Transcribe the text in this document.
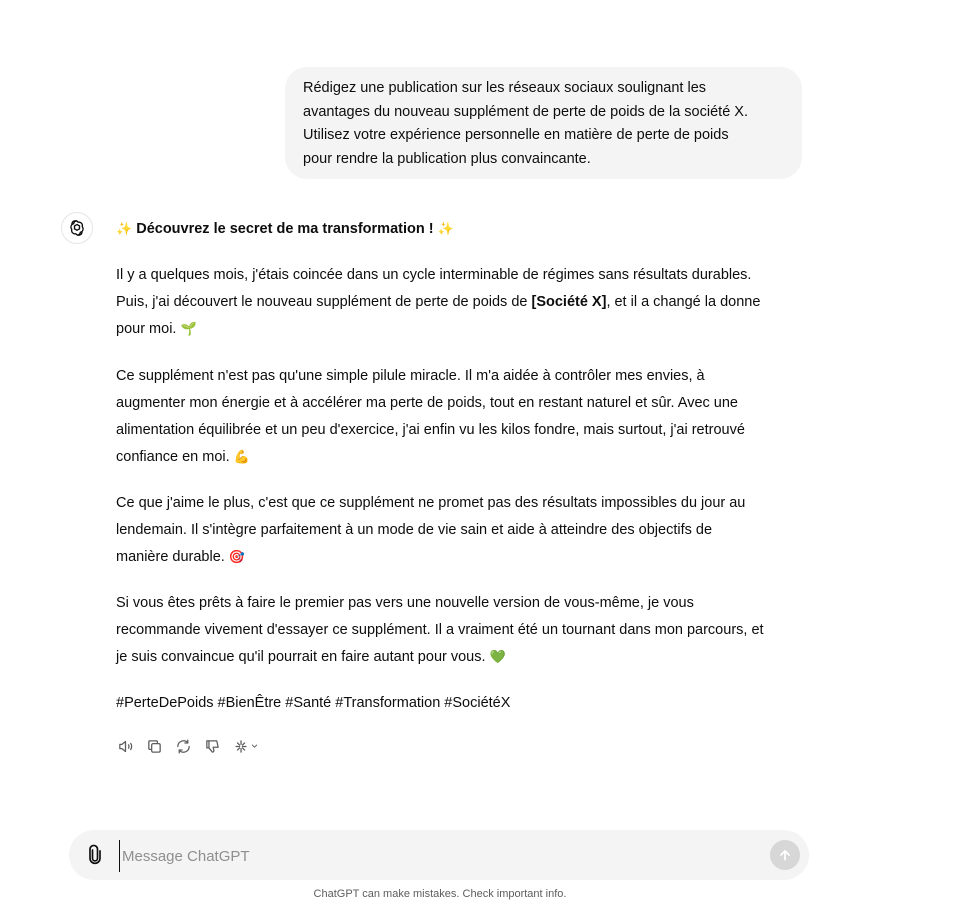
Rédigez une publication sur les réseaux sociaux soulignant les

avantages du nouveau supplément de perte de poids de la société X.

Utilisez votre expérience personnelle en matière de perte de poids

pour rendre la publication plus convaincante.

✨ Découvrez le secret de ma transformation ! ✨

Il y a quelques mois, j'étais coincée dans un cycle interminable de régimes sans résultats durables.
Puis, j'ai découvert le nouveau supplément de perte de poids de [Société X], et il a changé la donne
pour moi. 🌱

Ce supplément n'est pas qu'une simple pilule miracle. Il m'a aidée à contrôler mes envies, à
augmenter mon énergie et à accélérer ma perte de poids, tout en restant naturel et sûr. Avec une
alimentation équilibrée et un peu d'exercice, j'ai enfin vu les kilos fondre, mais surtout, j'ai retrouvé
confiance en moi. 💪

Ce que j'aime le plus, c'est que ce supplément ne promet pas des résultats impossibles du jour au
lendemain. Il s'intègre parfaitement à un mode de vie sain et aide à atteindre des objectifs de
manière durable. 🎯

Si vous êtes prêts à faire le premier pas vers une nouvelle version de vous-même, je vous
recommande vivement d'essayer ce supplément. Il a vraiment été un tournant dans mon parcours, et
je suis convaincue qu'il pourrait en faire autant pour vous. 💚

#PerteDePoids #BienÊtre #Santé #Transformation #SociétéX

Message ChatGPT
ChatGPT can make mistakes. Check important info.
